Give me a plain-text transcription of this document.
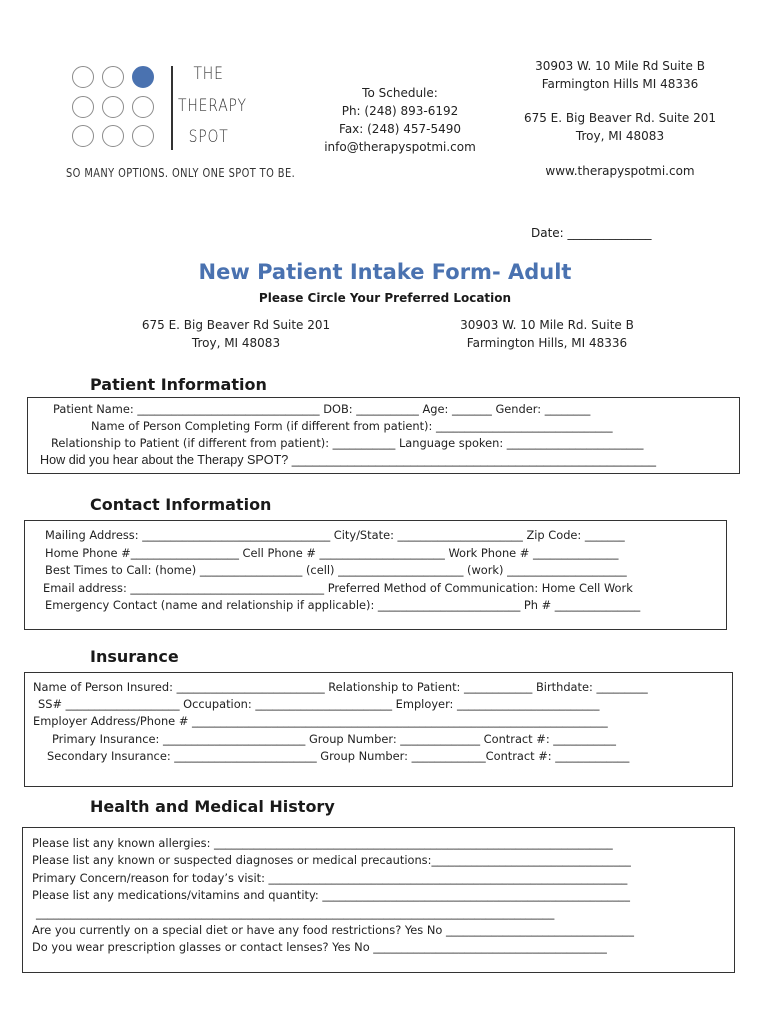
THE
THERAPY
SPOT
SO MANY OPTIONS. ONLY ONE SPOT TO BE.
To Schedule:
Ph: (248) 893-6192
Fax: (248) 457-5490
info@therapyspotmi.com
30903 W. 10 Mile Rd Suite B
Farmington Hills MI 48336
675 E. Big Beaver Rd. Suite 201
Troy, MI 48083
www.therapyspotmi.com
Date: ______________
New Patient Intake Form- Adult
Please Circle Your Preferred Location
675 E. Big Beaver Rd Suite 201
Troy, MI 48083
30903 W. 10 Mile Rd. Suite B
Farmington Hills, MI 48336
Patient Information
Patient Name: ________________________________ DOB: ___________ Age: _______ Gender: ________
Name of Person Completing Form (if different from patient): _______________________________
Relationship to Patient (if different from patient): ___________ Language spoken: ________________________
How did you hear about the Therapy SPOT? ____________________________________________________
Contact Information
Mailing Address: _________________________________ City/State: ______________________ Zip Code: _______
Home Phone #___________________ Cell Phone # ______________________ Work Phone # _______________
Best Times to Call: (home) __________________ (cell) ______________________ (work) _____________________
Email address: __________________________________ Preferred Method of Communication: Home Cell Work
Emergency Contact (name and relationship if applicable): _________________________ Ph # _______________
Insurance
Name of Person Insured: __________________________ Relationship to Patient: ____________ Birthdate: _________
SS# ____________________ Occupation: ________________________ Employer: _________________________
Employer Address/Phone # _________________________________________________________________________
Primary Insurance: _________________________ Group Number: ______________ Contract #: ___________
Secondary Insurance: _________________________ Group Number: _____________Contract #: _____________
Health and Medical History
Please list any known allergies: ______________________________________________________________________
Please list any known or suspected diagnoses or medical precautions:___________________________________
Primary Concern/reason for today’s visit: _______________________________________________________________
Please list any medications/vitamins and quantity: ______________________________________________________
___________________________________________________________________________________________
Are you currently on a special diet or have any food restrictions? Yes No _________________________________
Do you wear prescription glasses or contact lenses? Yes No _________________________________________
